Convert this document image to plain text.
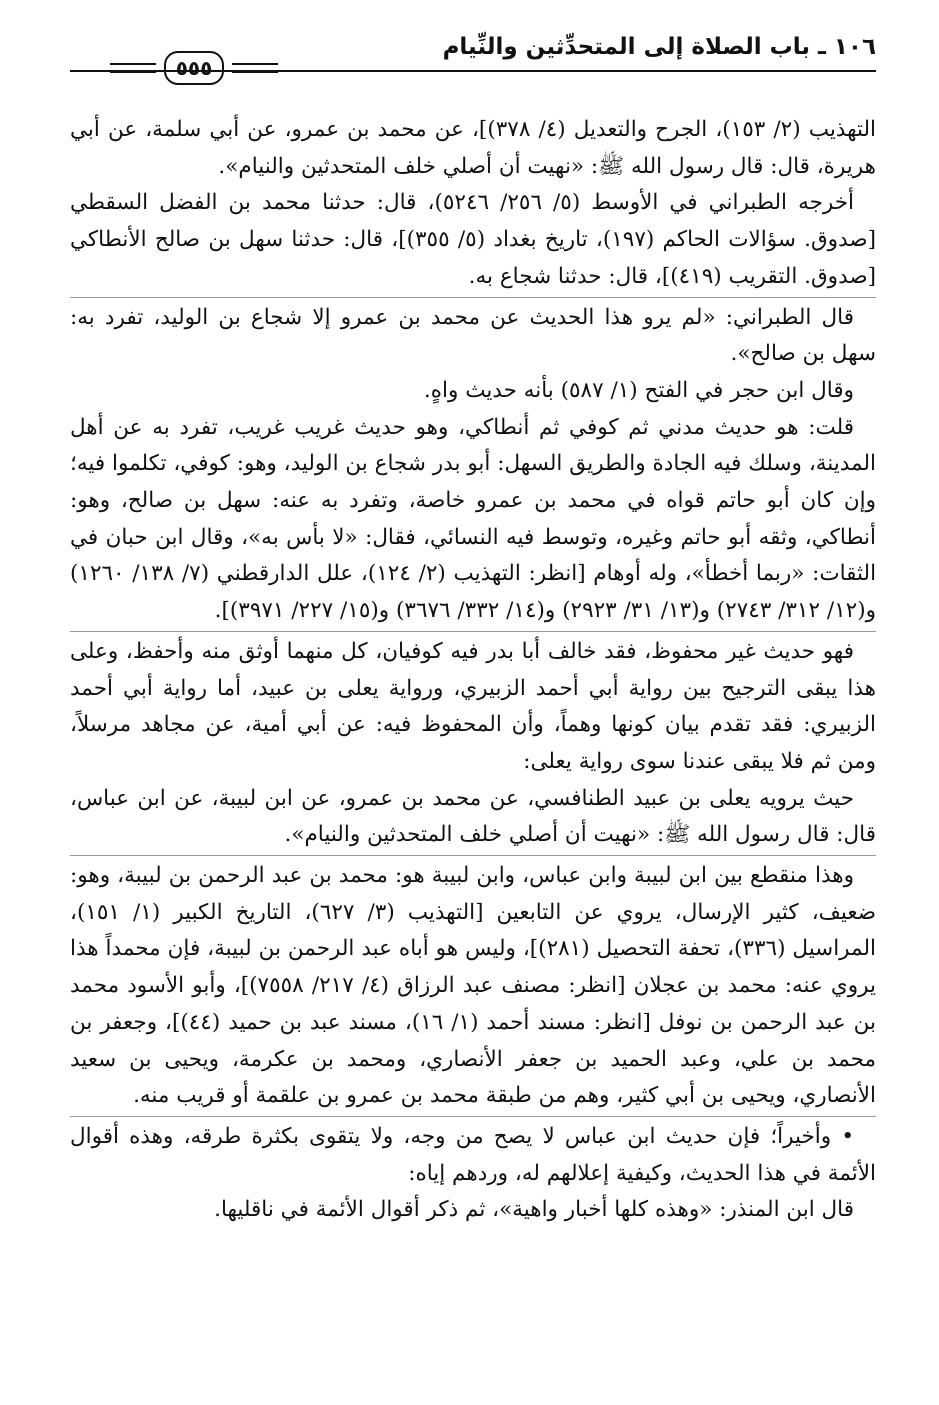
١٠٦ ـ باب الصلاة إلى المتحدِّثين والنِّيام
٥٥٥

التهذيب (٢/ ١٥٣)، الجرح والتعديل (٤/ ٣٧٨)]، عن محمد بن عمرو، عن أبي سلمة، عن أبي هريرة، قال: قال رسول الله ﷺ: «نهيت أن أصلي خلف المتحدثين والنيام».

أخرجه الطبراني في الأوسط (٥/ ٢٥٦/ ٥٢٤٦)، قال: حدثنا محمد بن الفضل السقطي [صدوق. سؤالات الحاكم (١٩٧)، تاريخ بغداد (٥/ ٣٥٥)]، قال: حدثنا سهل بن صالح الأنطاكي [صدوق. التقريب (٤١٩)]، قال: حدثنا شجاع به.

قال الطبراني: «لم يرو هذا الحديث عن محمد بن عمرو إلا شجاع بن الوليد، تفرد به: سهل بن صالح».

وقال ابن حجر في الفتح (١/ ٥٨٧) بأنه حديث واهٍ.

قلت: هو حديث مدني ثم كوفي ثم أنطاكي، وهو حديث غريب غريب، تفرد به عن أهل المدينة، وسلك فيه الجادة والطريق السهل: أبو بدر شجاع بن الوليد، وهو: كوفي، تكلموا فيه؛ وإن كان أبو حاتم قواه في محمد بن عمرو خاصة، وتفرد به عنه: سهل بن صالح، وهو: أنطاكي، وثقه أبو حاتم وغيره، وتوسط فيه النسائي، فقال: «لا بأس به»، وقال ابن حبان في الثقات: «ربما أخطأ»، وله أوهام [انظر: التهذيب (٢/ ١٢٤)، علل الدارقطني (٧/ ١٣٨/ ١٢٦٠) و(١٢/ ٣١٢/ ٢٧٤٣) و(١٣/ ٣١/ ٢٩٢٣) و(١٤/ ٣٣٢/ ٣٦٧٦) و(١٥/ ٢٢٧/ ٣٩٧١)].

فهو حديث غير محفوظ، فقد خالف أبا بدر فيه كوفيان، كل منهما أوثق منه وأحفظ، وعلى هذا يبقى الترجيح بين رواية أبي أحمد الزبيري، ورواية يعلى بن عبيد، أما رواية أبي أحمد الزبيري: فقد تقدم بيان كونها وهماً، وأن المحفوظ فيه: عن أبي أمية، عن مجاهد مرسلاً، ومن ثم فلا يبقى عندنا سوى رواية يعلى:

حيث يرويه يعلى بن عبيد الطنافسي، عن محمد بن عمرو، عن ابن لبيبة، عن ابن عباس، قال: قال رسول الله ﷺ: «نهيت أن أصلي خلف المتحدثين والنيام».

وهذا منقطع بين ابن لبيبة وابن عباس، وابن لبيبة هو: محمد بن عبد الرحمن بن لبيبة، وهو: ضعيف، كثير الإرسال، يروي عن التابعين [التهذيب (٣/ ٦٢٧)، التاريخ الكبير (١/ ١٥١)، المراسيل (٣٣٦)، تحفة التحصيل (٢٨١)]، وليس هو أباه عبد الرحمن بن لبيبة، فإن محمداً هذا يروي عنه: محمد بن عجلان [انظر: مصنف عبد الرزاق (٤/ ٢١٧/ ٧٥٥٨)]، وأبو الأسود محمد بن عبد الرحمن بن نوفل [انظر: مسند أحمد (١/ ١٦)، مسند عبد بن حميد (٤٤)]، وجعفر بن محمد بن علي، وعبد الحميد بن جعفر الأنصاري، ومحمد بن عكرمة، ويحيى بن سعيد الأنصاري، ويحيى بن أبي كثير، وهم من طبقة محمد بن عمرو بن علقمة أو قريب منه.

• وأخيراً؛ فإن حديث ابن عباس لا يصح من وجه، ولا يتقوى بكثرة طرقه، وهذه أقوال الأئمة في هذا الحديث، وكيفية إعلالهم له، وردهم إياه:

قال ابن المنذر: «وهذه كلها أخبار واهية»، ثم ذكر أقوال الأئمة في ناقليها.
